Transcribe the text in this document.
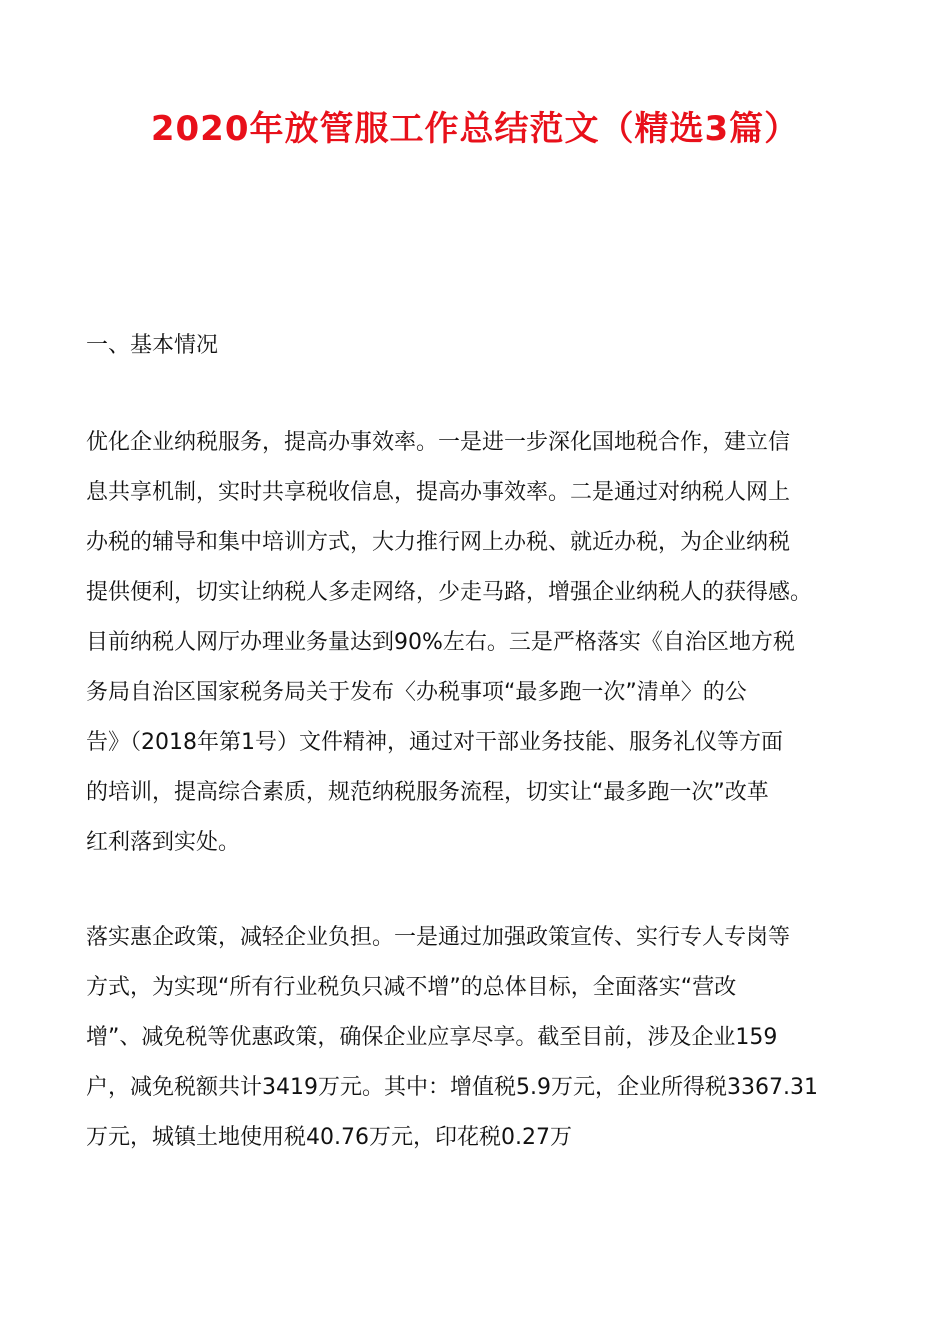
2020年放管服工作总结范文（精选3篇）
一、基本情况
优化企业纳税服务，提高办事效率。一是进一步深化国地税合作，建立信
息共享机制，实时共享税收信息，提高办事效率。二是通过对纳税人网上
办税的辅导和集中培训方式，大力推行网上办税、就近办税，为企业纳税
提供便利，切实让纳税人多走网络，少走马路，增强企业纳税人的获得感。
目前纳税人网厅办理业务量达到90%左右。三是严格落实《自治区地方税
务局自治区国家税务局关于发布〈办税事项“最多跑一次”清单〉的公
告》（2018年第1号）文件精神，通过对干部业务技能、服务礼仪等方面
的培训，提高综合素质，规范纳税服务流程，切实让“最多跑一次”改革
红利落到实处。
落实惠企政策，减轻企业负担。一是通过加强政策宣传、实行专人专岗等
方式，为实现“所有行业税负只减不增”的总体目标，全面落实“营改
增”、减免税等优惠政策，确保企业应享尽享。截至目前，涉及企业159
户，减免税额共计3419万元。其中：增值税5.9万元，企业所得税3367.31
万元，城镇土地使用税40.76万元，印花税0.27万
